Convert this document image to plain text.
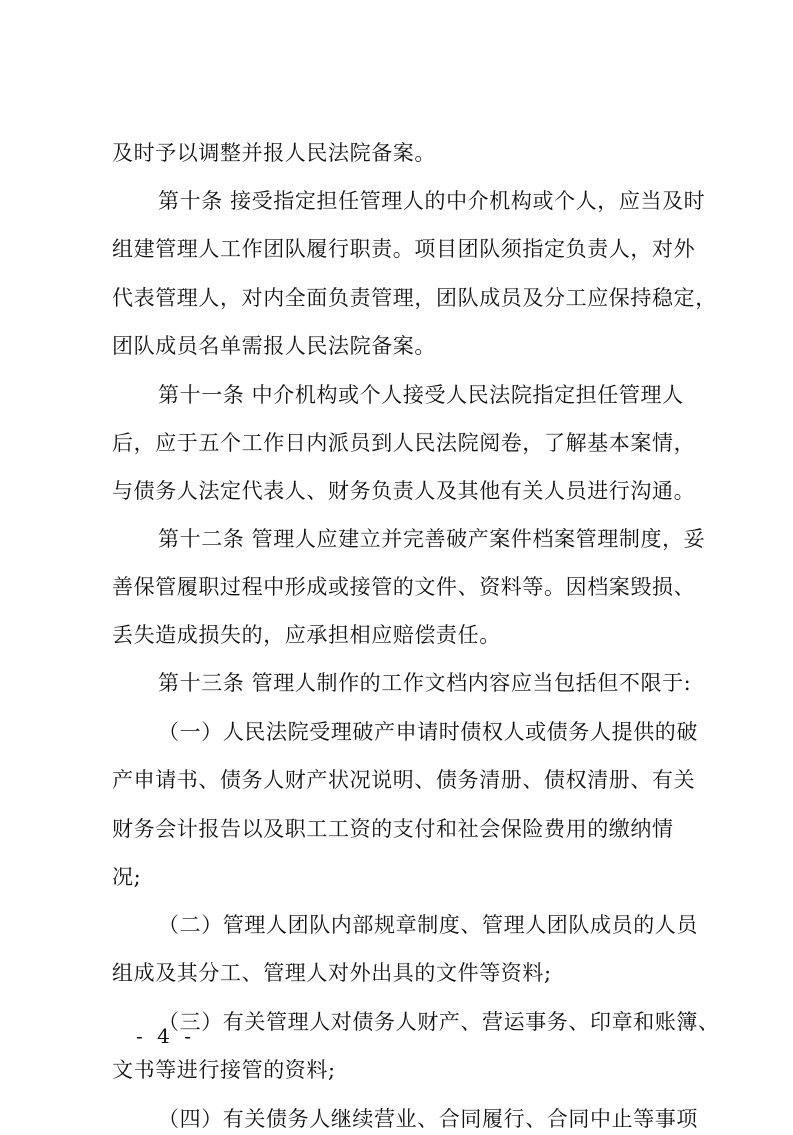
及时予以调整并报人民法院备案。
第十条 接受指定担任管理人的中介机构或个人，应当及时
组建管理人工作团队履行职责。项目团队须指定负责人，对外
代表管理人，对内全面负责管理，团队成员及分工应保持稳定，
团队成员名单需报人民法院备案。
第十一条 中介机构或个人接受人民法院指定担任管理人
后，应于五个工作日内派员到人民法院阅卷，了解基本案情，
与债务人法定代表人、财务负责人及其他有关人员进行沟通。
第十二条 管理人应建立并完善破产案件档案管理制度，妥
善保管履职过程中形成或接管的文件、资料等。因档案毁损、
丢失造成损失的，应承担相应赔偿责任。
第十三条 管理人制作的工作文档内容应当包括但不限于:
（一）人民法院受理破产申请时债权人或债务人提供的破
产申请书、债务人财产状况说明、债务清册、债权清册、有关
财务会计报告以及职工工资的支付和社会保险费用的缴纳情
况;
（二）管理人团队内部规章制度、管理人团队成员的人员
组成及其分工、管理人对外出具的文件等资料;
（三）有关管理人对债务人财产、营运事务、印章和账簿、
文书等进行接管的资料;
（四）有关债务人继续营业、合同履行、合同中止等事项
- 4 -
